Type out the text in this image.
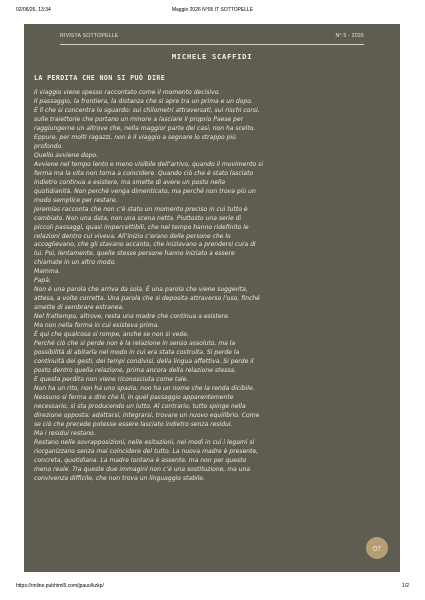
02/06/26, 13:34	Maggio 2026 N°05 IT SOTTOPELLE
RIVISTA SOTTOPELLE	N° 5 - 2026
MICHELE SCAFFIDI
LA PERDITA CHE NON SI PUÒ DIRE
Il viaggio viene spesso raccontato come il momento decisivo.
Il passaggio, la frontiera, la distanza che si apre tra un prima e un dopo.
È lì che si concentra lo sguardo: sui chilometri attraversati, sui rischi corsi,
sulle traiettorie che portano un minore a lasciare il proprio Paese per
raggiungerne un altrove che, nella maggior parte dei casi, non ha scelto.
Eppure, per molti ragazzi, non è il viaggio a segnare lo strappo più
profondo.
Quello avviene dopo.
Avviene nel tempo lento e meno visibile dell’arrivo, quando il movimento si
ferma ma la vita non torna a coincidere. Quando ciò che è stato lasciato
indietro continua a esistere, ma smette di avere un posto nella
quotidianità. Non perché venga dimenticato, ma perché non trova più un
modo semplice per restare.
Jeremias racconta che non c’è stato un momento preciso in cui tutto è
cambiato. Non una data, non una scena netta. Piuttosto una serie di
piccoli passaggi, quasi impercettibili, che nel tempo hanno ridefinito le
relazioni dentro cui viveva. All’inizio c’erano delle persone che lo
accoglievano, che gli stavano accanto, che iniziavano a prendersi cura di
lui. Poi, lentamente, quelle stesse persone hanno iniziato a essere
chiamate in un altro modo.
Mamma.
Papà.
Non è una parola che arriva da sola. È una parola che viene suggerita,
attesa, a volte corretta. Una parola che si deposita attraverso l’uso, finché
smette di sembrare estranea.
Nel frattempo, altrove, resta una madre che continua a esistere.
Ma non nella forma in cui esisteva prima.
È qui che qualcosa si rompe, anche se non si vede.
Perché ciò che si perde non è la relazione in senso assoluto, ma la
possibilità di abitarla nel modo in cui era stata costruita. Si perde la
continuità dei gesti, dei tempi condivisi, della lingua affettiva. Si perde il
posto dentro quella relazione, prima ancora della relazione stessa.
E questa perdita non viene riconosciuta come tale.
Non ha un rito, non ha uno spazio, non ha un nome che la renda dicibile.
Nessuno si ferma a dire che lì, in quel passaggio apparentemente
necessario, si sta producendo un lutto. Al contrario, tutto spinge nella
direzione opposta: adattarsi, integrarsi, trovare un nuovo equilibrio. Come
se ciò che precede potesse essere lasciato indietro senza residui.
Ma i residui restano.
Restano nelle sovrapposizioni, nelle esitazioni, nei modi in cui i legami si
riorganizzano senza mai coincidere del tutto. La nuova madre è presente,
concreta, quotidiana. La madre lontana è assente, ma non per questo
meno reale. Tra queste due immagini non c’è una sostituzione, ma una
convivenza difficile, che non trova un linguaggio stabile.
07
https://online.pubhtml5.com/jpauo/kzkp/	1/2
